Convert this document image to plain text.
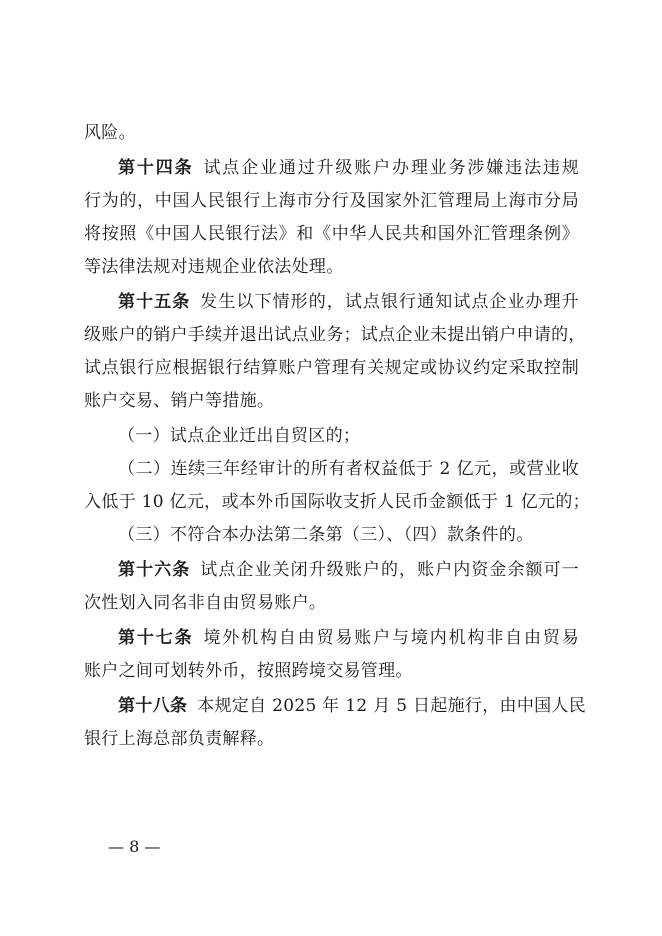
风险。
第十四条 试点企业通过升级账户办理业务涉嫌违法违规
行为的，中国人民银行上海市分行及国家外汇管理局上海市分局
将按照《中国人民银行法》和《中华人民共和国外汇管理条例》
等法律法规对违规企业依法处理。
第十五条 发生以下情形的，试点银行通知试点企业办理升
级账户的销户手续并退出试点业务；试点企业未提出销户申请的，
试点银行应根据银行结算账户管理有关规定或协议约定采取控制
账户交易、销户等措施。
（一）试点企业迁出自贸区的；
（二）连续三年经审计的所有者权益低于 2 亿元，或营业收
入低于 10 亿元，或本外币国际收支折人民币金额低于 1 亿元的；
（三）不符合本办法第二条第（三）、（四）款条件的。
第十六条 试点企业关闭升级账户的，账户内资金余额可一
次性划入同名非自由贸易账户。
第十七条 境外机构自由贸易账户与境内机构非自由贸易
账户之间可划转外币，按照跨境交易管理。
第十八条 本规定自 2025 年 12 月 5 日起施行，由中国人民
银行上海总部负责解释。
— 8 —
